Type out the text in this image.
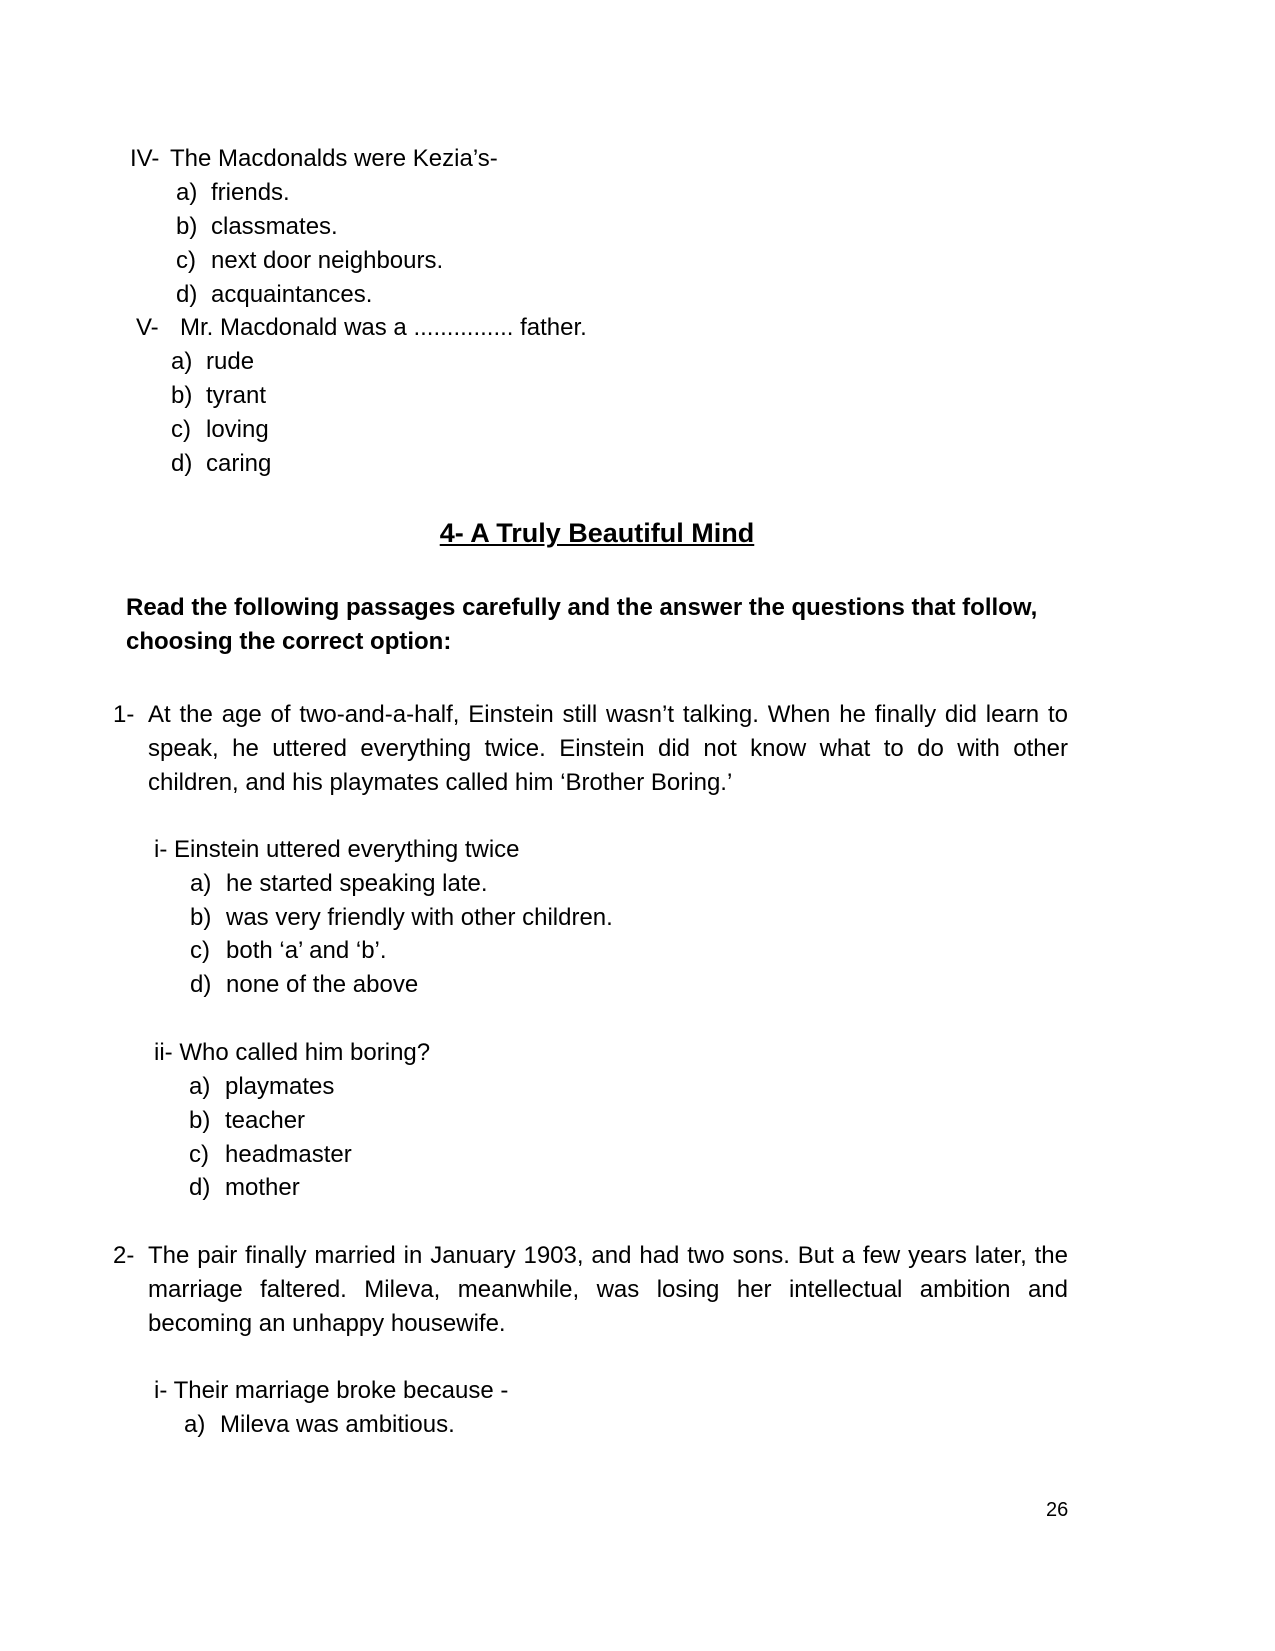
IV- The Macdonalds were Kezia’s-
a) friends.
b) classmates.
c) next door neighbours.
d) acquaintances.
V- Mr. Macdonald was a ............... father.
a) rude
b) tyrant
c) loving
d) caring
4- A Truly Beautiful Mind
Read the following passages carefully and the answer the questions that follow, choosing the correct option:
1- At the age of two-and-a-half, Einstein still wasn’t talking. When he finally did learn to speak, he uttered everything twice. Einstein did not know what to do with other children, and his playmates called him ‘Brother Boring.’
i- Einstein uttered everything twice
a) he started speaking late.
b) was very friendly with other children.
c) both ‘a’ and ‘b’.
d) none of the above
ii- Who called him boring?
a) playmates
b) teacher
c) headmaster
d) mother
2- The pair finally married in January 1903, and had two sons. But a few years later, the marriage faltered. Mileva, meanwhile, was losing her intellectual ambition and becoming an unhappy housewife.
i- Their marriage broke because -
a) Mileva was ambitious.
26
